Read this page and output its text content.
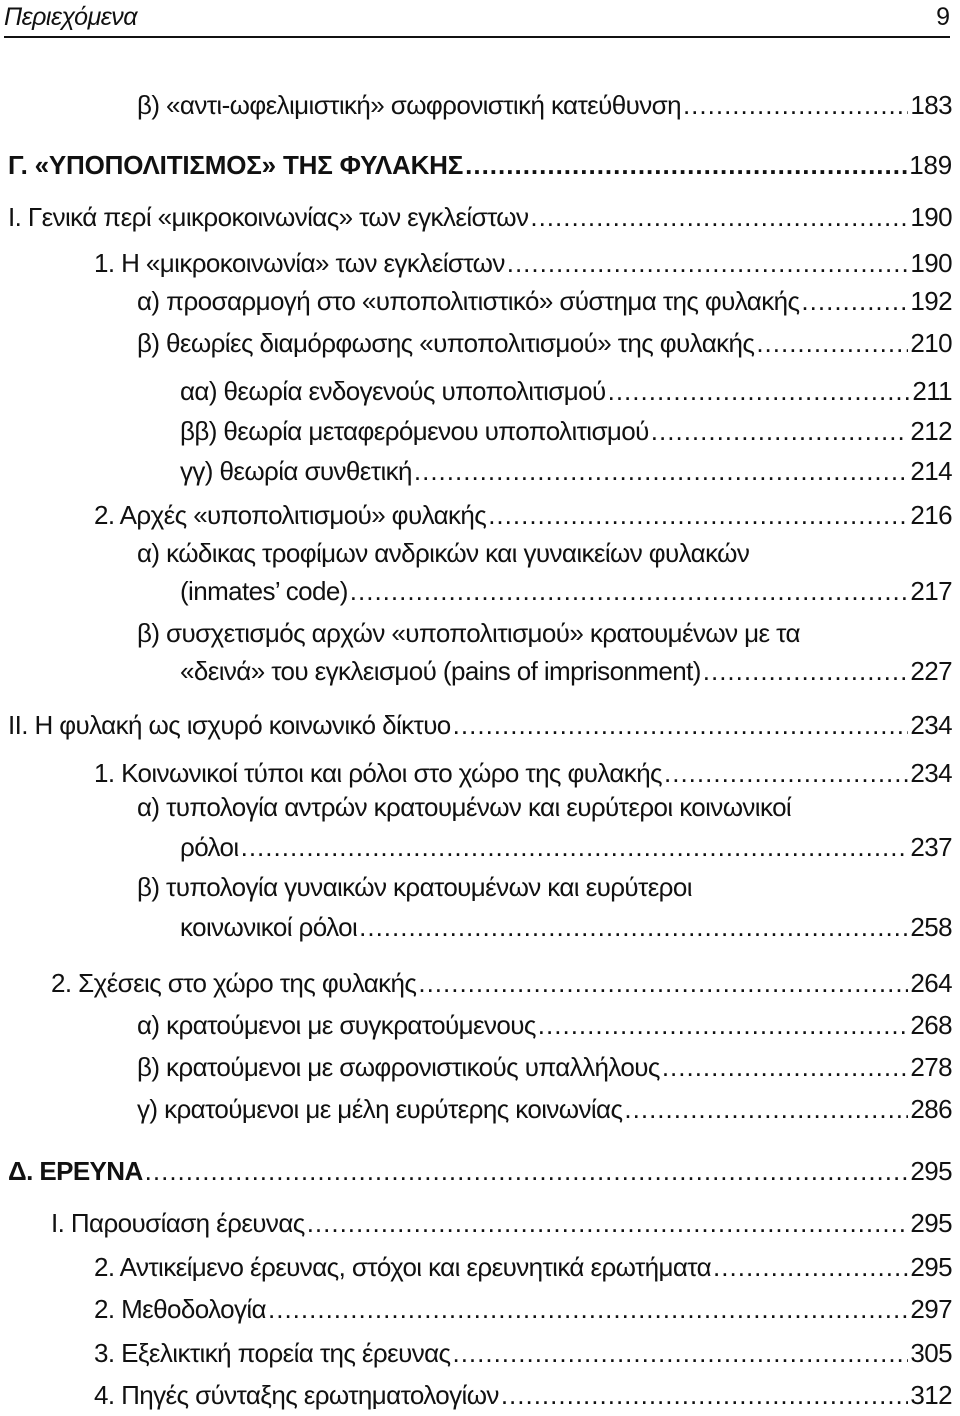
Περιεχόμενα	9
β) «αντι-ωφελιμιστική» σωφρονιστική κατεύθυνση .....	183
Γ. «ΥΠΟΠΟΛΙΤΙΣΜΟΣ» ΤΗΣ ΦΥΛΑΚΗΣ .....	189
Ι. Γενικά περί «μικροκοινωνίας» των εγκλείστων .....	190
1. Η «μικροκοινωνία» των εγκλείστων .....	190
α) προσαρμογή στο «υποπολιτιστικό» σύστημα της φυλακής .....	192
β) θεωρίες διαμόρφωσης «υποπολιτισμού» της φυλακής .....	210
αα) θεωρία ενδογενούς υποπολιτισμού .....	211
ββ) θεωρία μεταφερόμενου υποπολιτισμού .....	212
γγ) θεωρία συνθετική .....	214
2. Αρχές «υποπολιτισμού» φυλακής .....	216
α) κώδικας τροφίμων ανδρικών και γυναικείων φυλακών
(inmates’ code) .....	217
β) συσχετισμός αρχών «υποπολιτισμού» κρατουμένων με τα
«δεινά» του εγκλεισμού (pains of imprisonment) .....	227
ΙΙ. Η φυλακή ως ισχυρό κοινωνικό δίκτυο .....	234
1. Κοινωνικοί τύποι και ρόλοι στο χώρο της φυλακής .....	234
α) τυπολογία αντρών κρατουμένων και ευρύτεροι κοινωνικοί
ρόλοι .....	237
β) τυπολογία γυναικών κρατουμένων και ευρύτεροι
κοινωνικοί ρόλοι .....	258
2. Σχέσεις στο χώρο της φυλακής .....	264
α) κρατούμενοι με συγκρατούμενους .....	268
β) κρατούμενοι με σωφρονιστικούς υπαλλήλους .....	278
γ) κρατούμενοι με μέλη ευρύτερης κοινωνίας .....	286
Δ. ΕΡΕΥΝΑ .....	295
Ι. Παρουσίαση έρευνας .....	295
2. Αντικείμενο έρευνας, στόχοι και ερευνητικά ερωτήματα .....	295
2. Μεθοδολογία .....	297
3. Εξελικτική πορεία της έρευνας .....	305
4. Πηγές σύνταξης ερωτηματολογίων .....	312
